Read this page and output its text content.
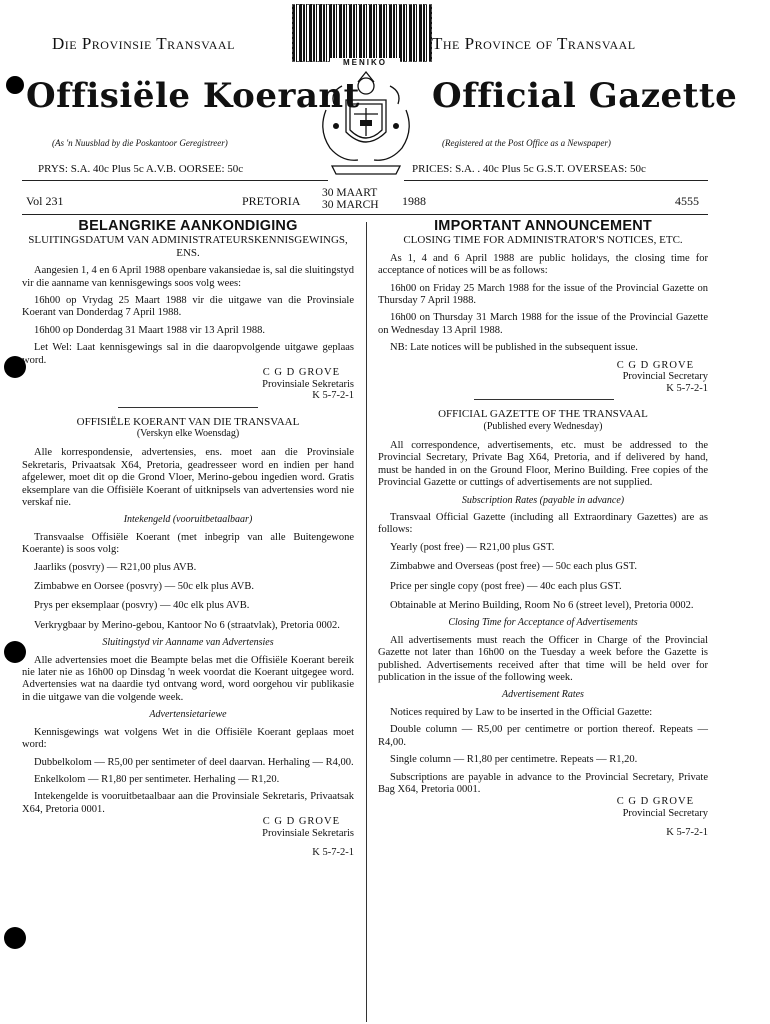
Die Provinsie Transvaal	The Province of Transvaal
MENIKO
Offisiële Koerant Official Gazette
(As 'n Nuusblad by die Poskantoor Geregistreer)	(Registered at the Post Office as a Newspaper)
PRYS: S.A. 40c Plus 5c A.V.B. OORSEE: 50c	PRICES: S.A. . 40c Plus 5c G.S.T. OVERSEAS: 50c
Vol 231	PRETORIA
30 MAART
30 MARCH 1988	4555
BELANGRIKE AANKONDIGING
SLUITINGSDATUM VAN ADMINISTRATEURSKENNISGEWINGS, ENS.

Aangesien 1, 4 en 6 April 1988 openbare vakansiedae is, sal die sluitingstyd vir die aanname van kennisgewings soos volg wees:

16h00 op Vrydag 25 Maart 1988 vir die uitgawe van die Provinsiale Koerant van Donderdag 7 April 1988.

16h00 op Donderdag 31 Maart 1988 vir 13 April 1988.

Let Wel: Laat kennisgewings sal in die daaropvolgende uitgawe geplaas word.

C G D GROVE

Provinsiale Sekretaris

K 5-7-2-1

OFFISIËLE KOERANT VAN DIE TRANSVAAL
(Verskyn elke Woensdag)

Alle korrespondensie, advertensies, ens. moet aan die Provinsiale Sekretaris, Privaatsak X64, Pretoria, geadresseer word en indien per hand afgelewer, moet dit op die Grond Vloer, Merino-gebou ingedien word. Gratis eksemplare van die Offisiële Koerant of uitknipsels van advertensies word nie verskaf nie.

Intekengeld (vooruitbetaalbaar)

Transvaalse Offisiële Koerant (met inbegrip van alle Buitengewone Koerante) is soos volg:

Jaarliks (posvry) — R21,00 plus AVB.

Zimbabwe en Oorsee (posvry) — 50c elk plus AVB.

Prys per eksemplaar (posvry) — 40c elk plus AVB.

Verkrygbaar by Merino-gebou, Kantoor No 6 (straatvlak), Pretoria 0002.

Sluitingstyd vir Aanname van Advertensies

Alle advertensies moet die Beampte belas met die Offisiële Koerant bereik nie later nie as 16h00 op Dinsdag 'n week voordat die Koerant uitgegee word. Advertensies wat na daardie tyd ontvang word, word oorgehou vir publikasie in die uitgawe van die volgende week.

Advertensietariewe

Kennisgewings wat volgens Wet in die Offisiële Koerant geplaas moet word:

Dubbelkolom — R5,00 per sentimeter of deel daarvan. Herhaling — R4,00.

Enkelkolom — R1,80 per sentimeter. Herhaling — R1,20.

Intekengelde is vooruitbetaalbaar aan die Provinsiale Sekretaris, Privaatsak X64, Pretoria 0001.

C G D GROVE

Provinsiale Sekretaris

K 5-7-2-1

IMPORTANT ANNOUNCEMENT
CLOSING TIME FOR ADMINISTRATOR'S NOTICES, ETC.

As 1, 4 and 6 April 1988 are public holidays, the closing time for acceptance of notices will be as follows:

16h00 on Friday 25 March 1988 for the issue of the Provincial Gazette on Thursday 7 April 1988.

16h00 on Thursday 31 March 1988 for the issue of the Provincial Gazette on Wednesday 13 April 1988.

NB: Late notices will be published in the subsequent issue.

C G D GROVE

Provincial Secretary

K 5-7-2-1

OFFICIAL GAZETTE OF THE TRANSVAAL
(Published every Wednesday)

All correspondence, advertisements, etc. must be addressed to the Provincial Secretary, Private Bag X64, Pretoria, and if delivered by hand, must be handed in on the Ground Floor, Merino Building. Free copies of the Provincial Gazette or cuttings of advertisements are not supplied.

Subscription Rates (payable in advance)

Transvaal Official Gazette (including all Extraordinary Gazettes) are as follows:

Yearly (post free) — R21,00 plus GST.

Zimbabwe and Overseas (post free) — 50c each plus GST.

Price per single copy (post free) — 40c each plus GST.

Obtainable at Merino Building, Room No 6 (street level), Pretoria 0002.

Closing Time for Acceptance of Advertisements

All advertisements must reach the Officer in Charge of the Provincial Gazette not later than 16h00 on the Tuesday a week before the Gazette is published. Advertisements received after that time will be held over for publication in the issue of the following week.

Advertisement Rates

Notices required by Law to be inserted in the Official Gazette:

Double column — R5,00 per centimetre or portion thereof. Repeats — R4,00.

Single column — R1,80 per centimetre. Repeats — R1,20.

Subscriptions are payable in advance to the Provincial Secretary, Private Bag X64, Pretoria 0001.

C G D GROVE

Provincial Secretary

K 5-7-2-1
